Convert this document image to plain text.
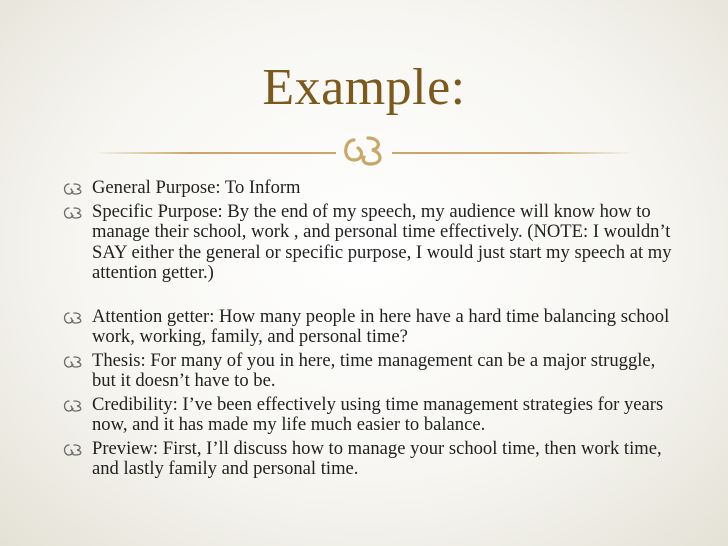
Example:
General Purpose: To Inform
Specific Purpose: By the end of my speech, my audience will know how to manage their school, work , and personal time effectively. (NOTE: I wouldn’t SAY either the general or specific purpose, I would just start my speech at my attention getter.)
Attention getter: How many people in here have a hard time balancing school work, working, family, and personal time?
Thesis: For many of you in here, time management can be a major struggle, but it doesn’t have to be.
Credibility: I’ve been effectively using time management strategies for years now, and it has made my life much easier to balance.
Preview: First, I’ll discuss how to manage your school time, then work time, and lastly family and personal time.
